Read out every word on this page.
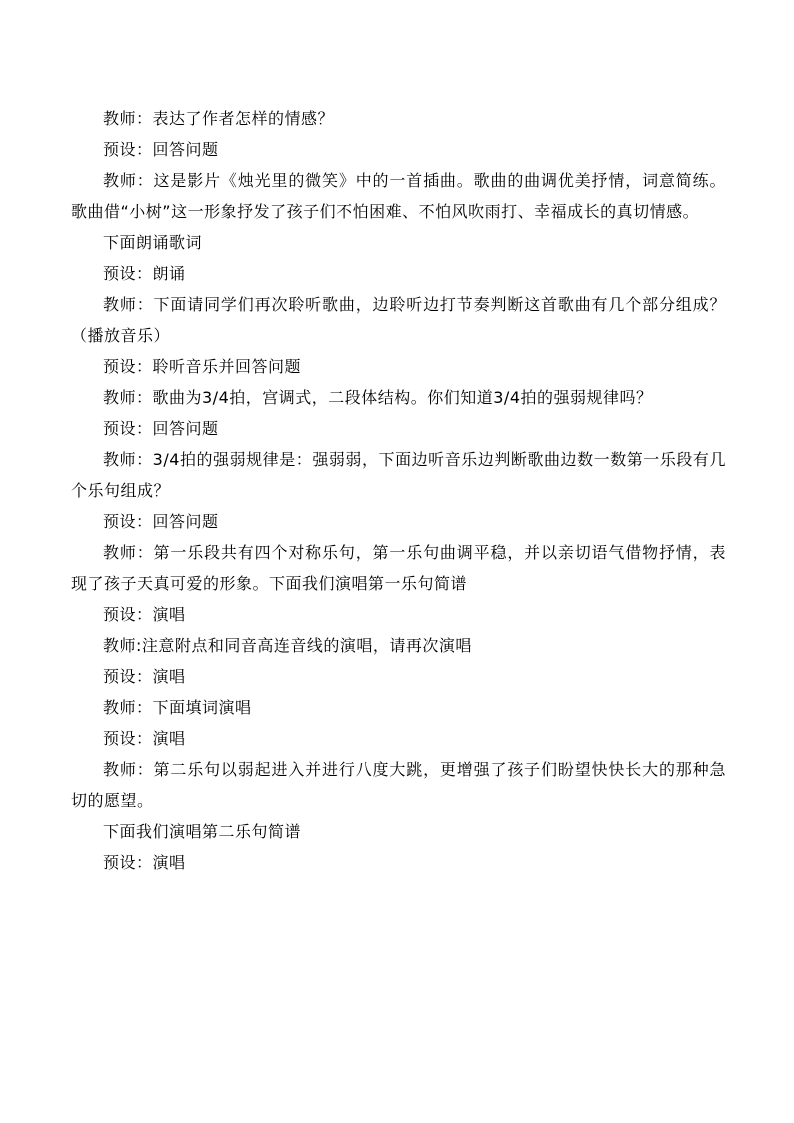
教师：表达了作者怎样的情感？

预设：回答问题

教师：这是影片《烛光里的微笑》中的一首插曲。歌曲的曲调优美抒情，词意简练。歌曲借“小树”这一形象抒发了孩子们不怕困难、不怕风吹雨打、幸福成长的真切情感。

下面朗诵歌词

预设：朗诵

教师：下面请同学们再次聆听歌曲，边聆听边打节奏判断这首歌曲有几个部分组成？（播放音乐）

预设：聆听音乐并回答问题

教师：歌曲为3/4拍，宫调式，二段体结构。你们知道3/4拍的强弱规律吗？

预设：回答问题

教师：3/4拍的强弱规律是：强弱弱，下面边听音乐边判断歌曲边数一数第一乐段有几个乐句组成？

预设：回答问题

教师：第一乐段共有四个对称乐句，第一乐句曲调平稳，并以亲切语气借物抒情，表现了孩子天真可爱的形象。下面我们演唱第一乐句简谱

预设：演唱

教师:注意附点和同音高连音线的演唱，请再次演唱

预设：演唱

教师：下面填词演唱

预设：演唱

教师：第二乐句以弱起进入并进行八度大跳，更增强了孩子们盼望快快长大的那种急切的愿望。

下面我们演唱第二乐句简谱

预设：演唱
